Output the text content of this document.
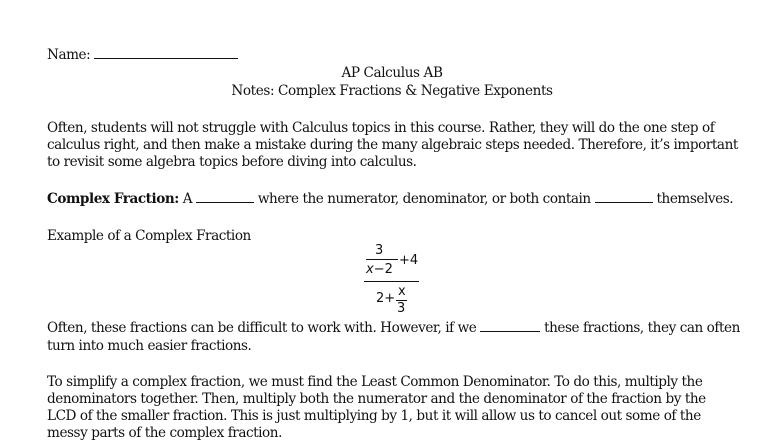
Name:
AP Calculus AB
Notes: Complex Fractions & Negative Exponents
Often, students will not struggle with Calculus topics in this course. Rather, they will do the one step of
calculus right, and then make a mistake during the many algebraic steps needed. Therefore, it’s important
to revisit some algebra topics before diving into calculus.
Complex Fraction: A	where the numerator, denominator, or both contain	themselves.
Example of a Complex Fraction
3
x−2
+4
2+ x
3
Often, these fractions can be difficult to work with. However, if we	these fractions, they can often
turn into much easier fractions.
To simplify a complex fraction, we must find the Least Common Denominator. To do this, multiply the
denominators together. Then, multiply both the numerator and the denominator of the fraction by the
LCD of the smaller fraction. This is just multiplying by 1, but it will allow us to cancel out some of the
messy parts of the complex fraction.
